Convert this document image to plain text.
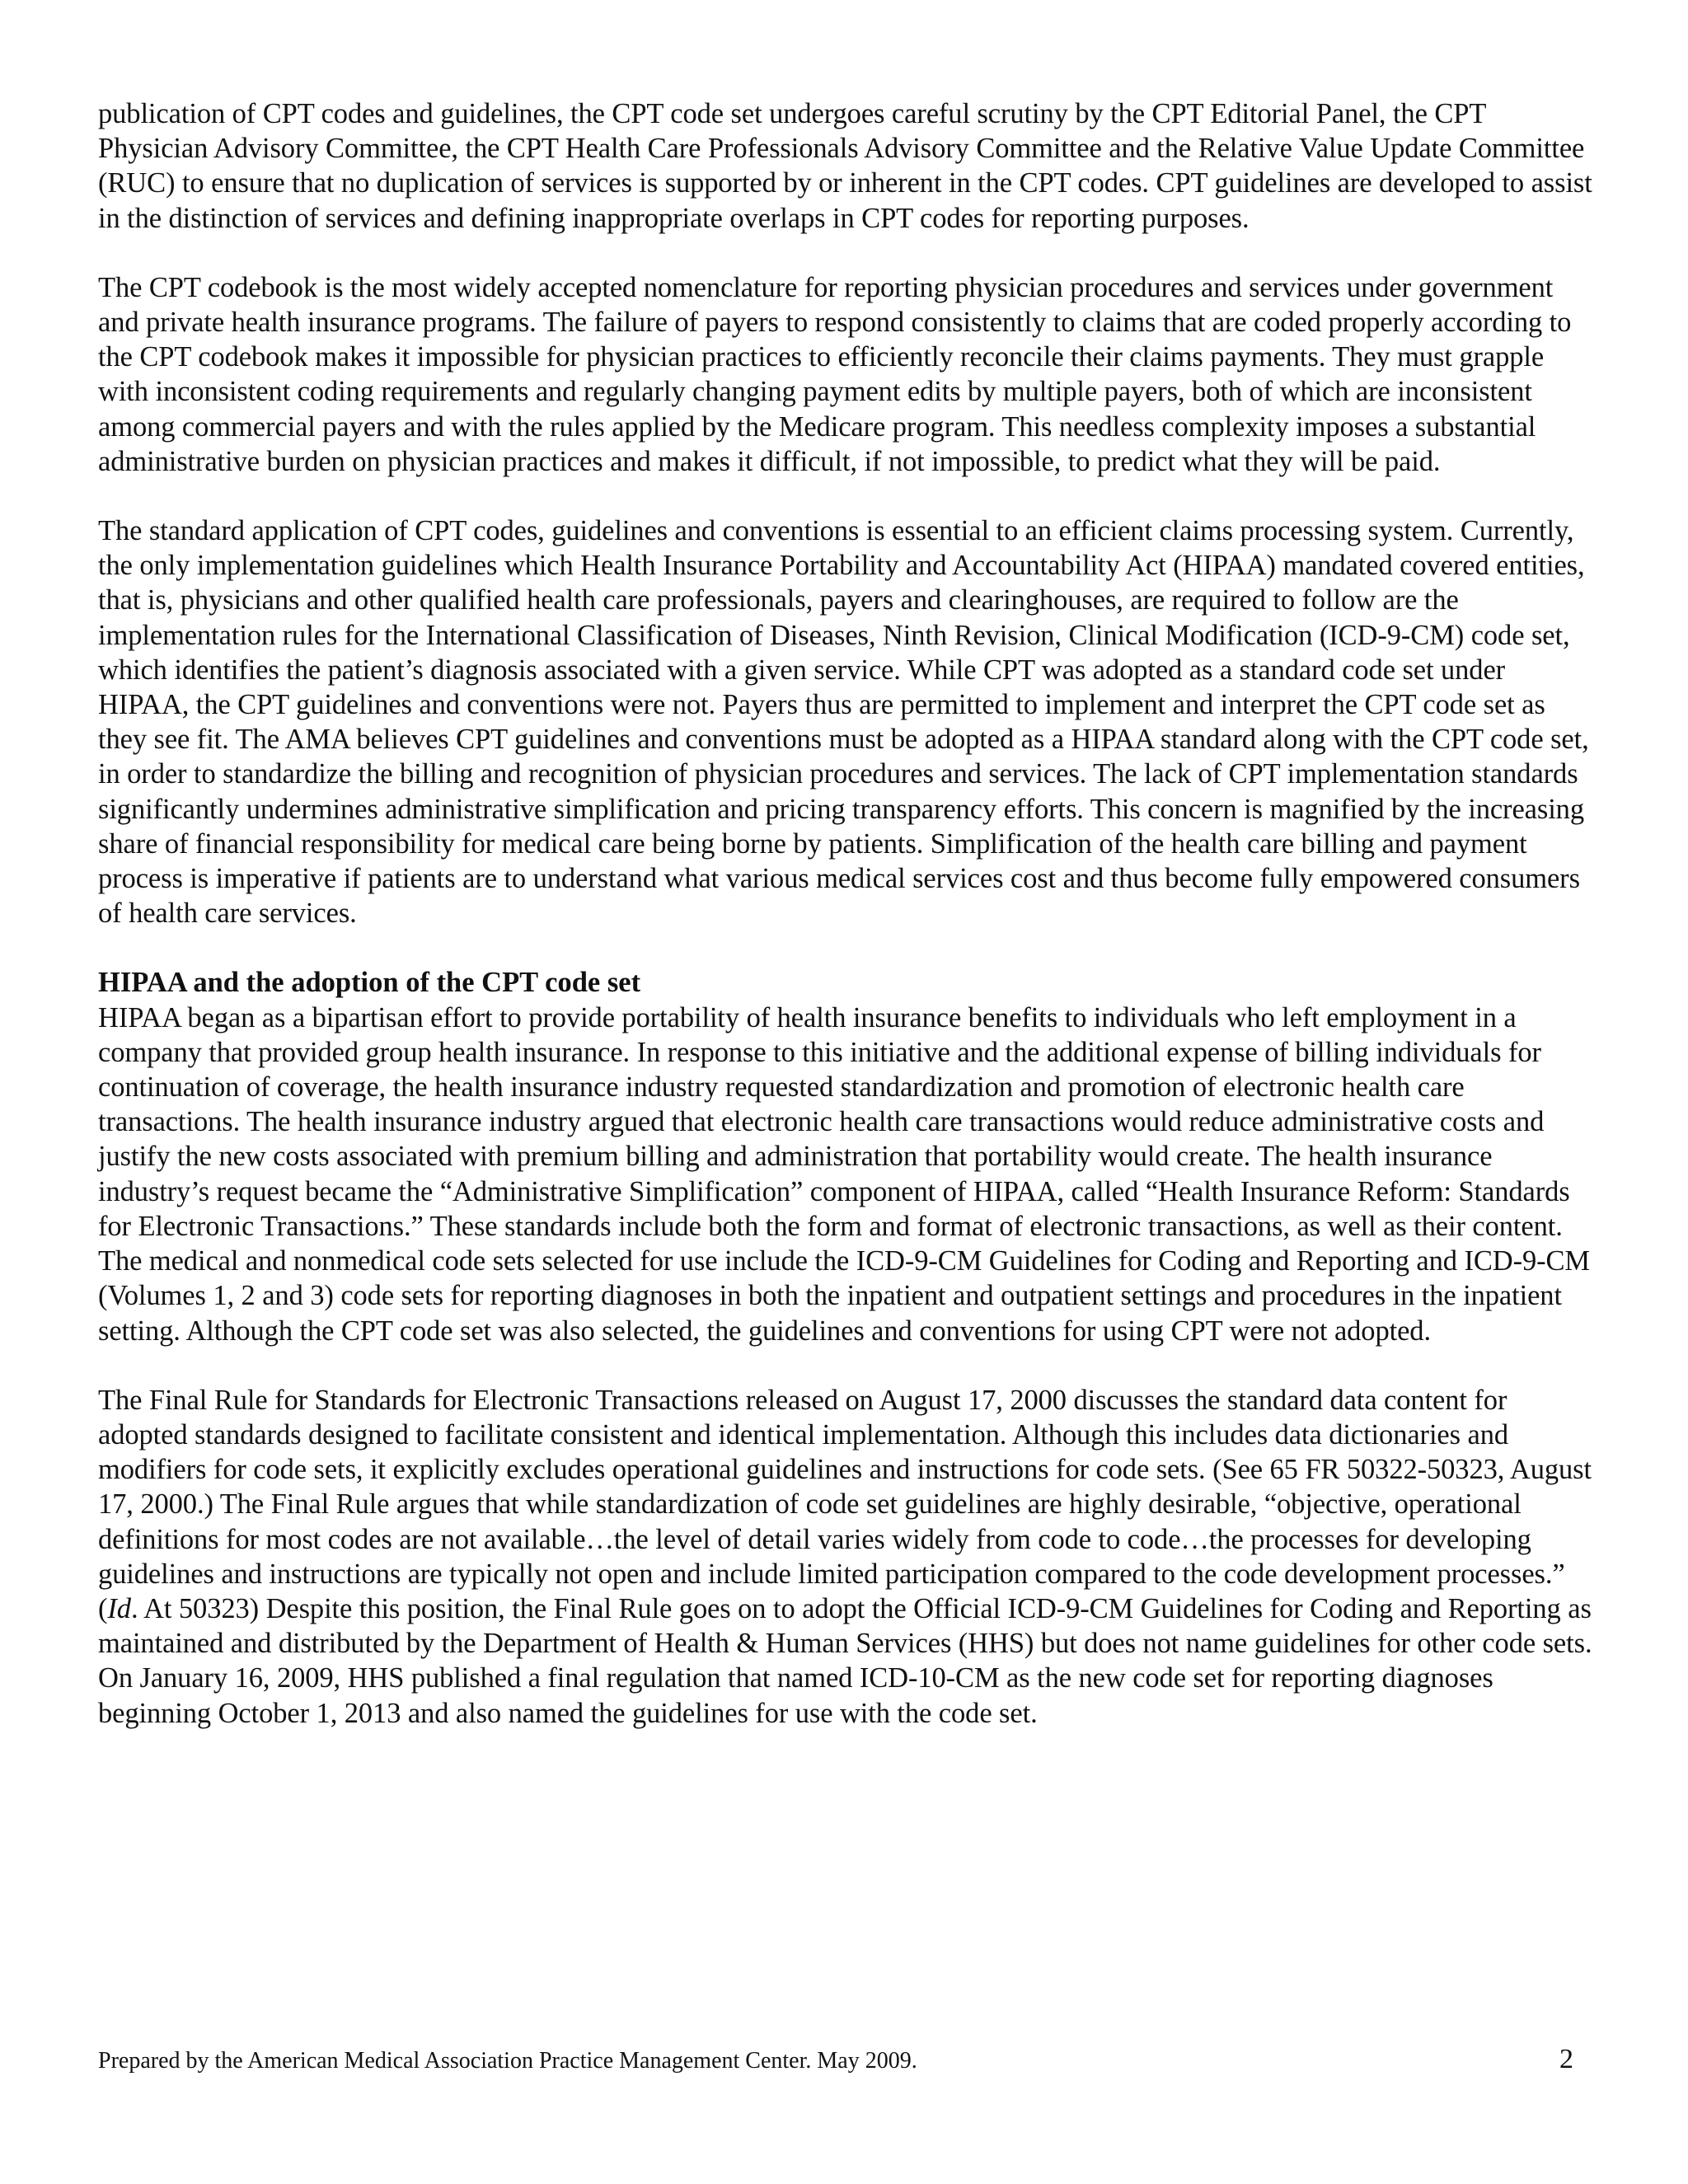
publication of CPT codes and guidelines, the CPT code set undergoes careful scrutiny by the CPT Editorial Panel, the CPT Physician Advisory Committee, the CPT Health Care Professionals Advisory Committee and the Relative Value Update Committee (RUC) to ensure that no duplication of services is supported by or inherent in the CPT codes. CPT guidelines are developed to assist in the distinction of services and defining inappropriate overlaps in CPT codes for reporting purposes.

The CPT codebook is the most widely accepted nomenclature for reporting physician procedures and services under government and private health insurance programs. The failure of payers to respond consistently to claims that are coded properly according to the CPT codebook makes it impossible for physician practices to efficiently reconcile their claims payments. They must grapple with inconsistent coding requirements and regularly changing payment edits by multiple payers, both of which are inconsistent among commercial payers and with the rules applied by the Medicare program. This needless complexity imposes a substantial administrative burden on physician practices and makes it difficult, if not impossible, to predict what they will be paid.

The standard application of CPT codes, guidelines and conventions is essential to an efficient claims processing system. Currently, the only implementation guidelines which Health Insurance Portability and Accountability Act (HIPAA) mandated covered entities, that is, physicians and other qualified health care professionals, payers and clearinghouses, are required to follow are the implementation rules for the International Classification of Diseases, Ninth Revision, Clinical Modification (ICD-9-CM) code set, which identifies the patient’s diagnosis associated with a given service. While CPT was adopted as a standard code set under HIPAA, the CPT guidelines and conventions were not. Payers thus are permitted to implement and interpret the CPT code set as they see fit. The AMA believes CPT guidelines and conventions must be adopted as a HIPAA standard along with the CPT code set, in order to standardize the billing and recognition of physician procedures and services. The lack of CPT implementation standards significantly undermines administrative simplification and pricing transparency efforts. This concern is magnified by the increasing share of financial responsibility for medical care being borne by patients. Simplification of the health care billing and payment process is imperative if patients are to understand what various medical services cost and thus become fully empowered consumers of health care services.

HIPAA and the adoption of the CPT code set

HIPAA began as a bipartisan effort to provide portability of health insurance benefits to individuals who left employment in a company that provided group health insurance. In response to this initiative and the additional expense of billing individuals for continuation of coverage, the health insurance industry requested standardization and promotion of electronic health care transactions. The health insurance industry argued that electronic health care transactions would reduce administrative costs and justify the new costs associated with premium billing and administration that portability would create. The health insurance industry’s request became the “Administrative Simplification” component of HIPAA, called “Health Insurance Reform: Standards for Electronic Transactions.” These standards include both the form and format of electronic transactions, as well as their content. The medical and nonmedical code sets selected for use include the ICD-9-CM Guidelines for Coding and Reporting and ICD-9-CM (Volumes 1, 2 and 3) code sets for reporting diagnoses in both the inpatient and outpatient settings and procedures in the inpatient setting. Although the CPT code set was also selected, the guidelines and conventions for using CPT were not adopted.

The Final Rule for Standards for Electronic Transactions released on August 17, 2000 discusses the standard data content for adopted standards designed to facilitate consistent and identical implementation. Although this includes data dictionaries and modifiers for code sets, it explicitly excludes operational guidelines and instructions for code sets. (See 65 FR 50322-50323, August 17, 2000.) The Final Rule argues that while standardization of code set guidelines are highly desirable, “objective, operational definitions for most codes are not available…the level of detail varies widely from code to code…the processes for developing guidelines and instructions are typically not open and include limited participation compared to the code development processes.” (Id. At 50323) Despite this position, the Final Rule goes on to adopt the Official ICD-9-CM Guidelines for Coding and Reporting as maintained and distributed by the Department of Health & Human Services (HHS) but does not name guidelines for other code sets. On January 16, 2009, HHS published a final regulation that named ICD-10-CM as the new code set for reporting diagnoses beginning October 1, 2013 and also named the guidelines for use with the code set.

Prepared by the American Medical Association Practice Management Center. May 2009.	2
